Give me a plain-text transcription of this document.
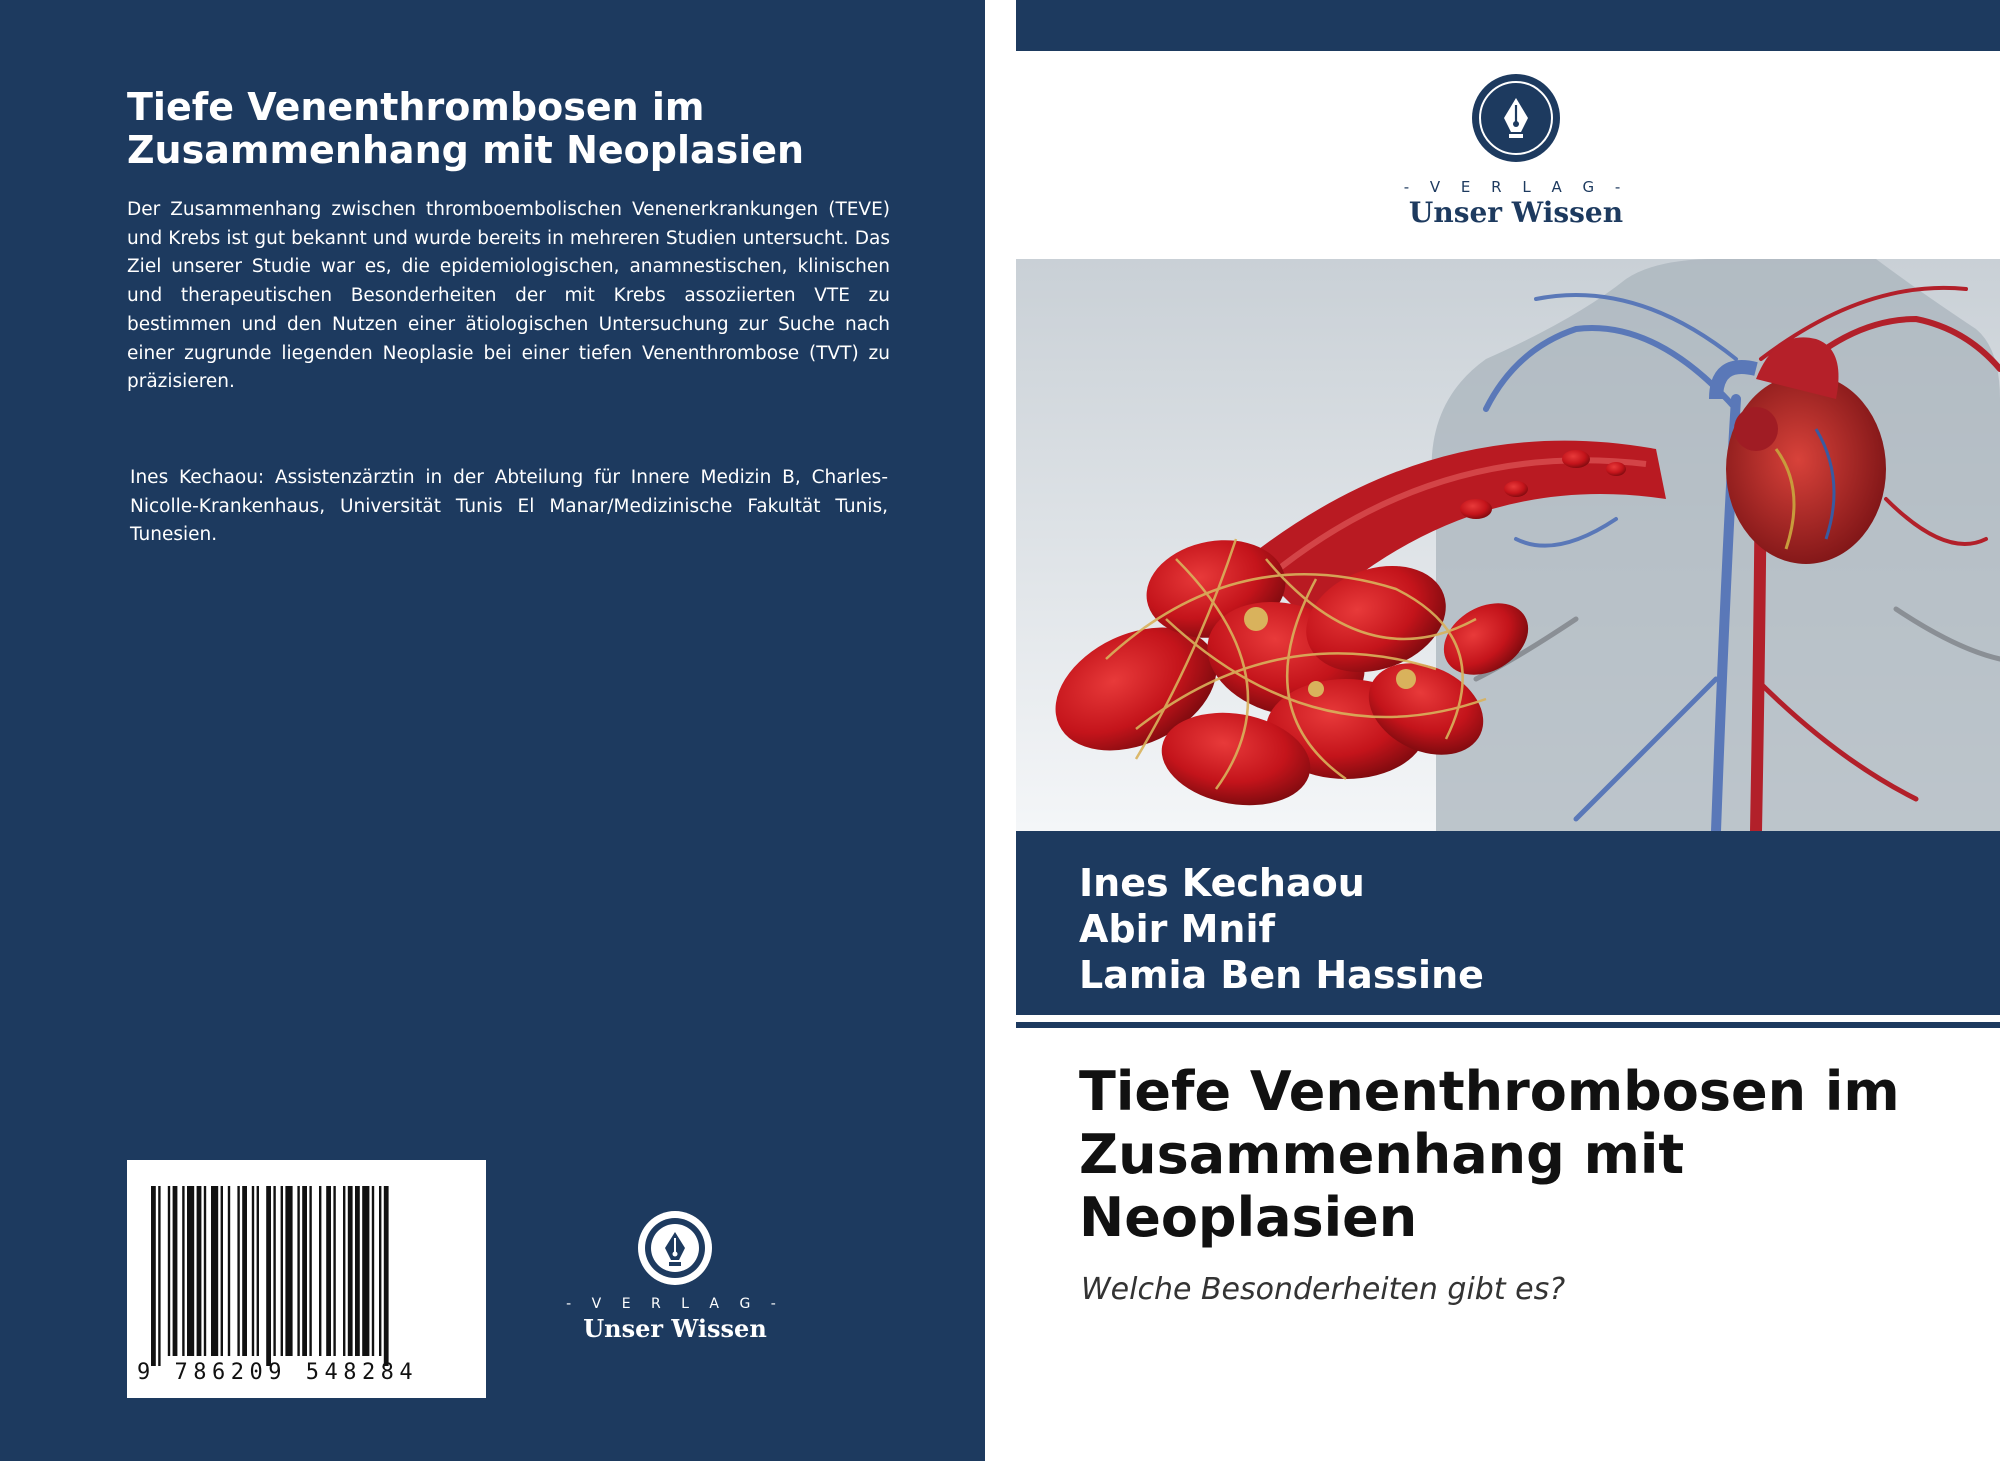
Tiefe Venenthrombosen im Zusammenhang mit Neoplasien

Der Zusammenhang zwischen thromboembolischen Venenerkrankungen (TEVE) und Krebs ist gut bekannt und wurde bereits in mehreren Studien untersucht. Das Ziel unserer Studie war es, die epidemiologischen, anamnestischen, klinischen und therapeutischen Besonderheiten der mit Krebs assoziierten VTE zu bestimmen und den Nutzen einer ätiologischen Untersuchung zur Suche nach einer zugrunde liegenden Neoplasie bei einer tiefen Venenthrombose (TVT) zu präzisieren.

Ines Kechaou: Assistenzärztin in der Abteilung für Innere Medizin B, Charles-Nicolle-Krankenhaus, Universität Tunis El Manar/Medizinische Fakultät Tunis, Tunesien.

9 786209 548284
- V E R L A G -
Unser Wissen
- V E R L A G -
Unser Wissen

Ines Kechaou

Abir Mnif

Lamia Ben Hassine

Tiefe Venenthrombosen im Zusammenhang mit Neoplasien

Welche Besonderheiten gibt es?
